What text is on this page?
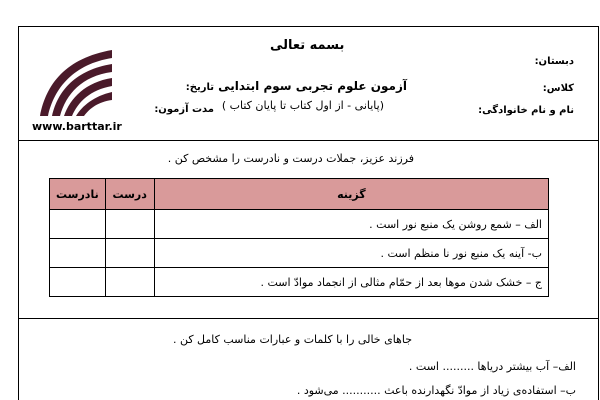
بسمه تعالی
دبستان:
کلاس:
نام و نام خانوادگی:
آزمون علوم تجربی سوم ابتدایی
(پایانی - از اول کتاب تا پایان کتاب )
تاریخ:
مدت آزمون:
www.barttar.ir
فرزند عزیز، جملات درست و نادرست را مشخص کن .
گزینه	درست	نادرست
الف – شمع روشن یک منبع نور است .		
ب- آینه یک منبع نور نا منظم است .		
ج – خشک شدن موها بعد از حمّام مثالی از انجماد موادّ است .		
جاهای خالی را با کلمات و عبارات مناسب کامل کن .
الف– آب بیشتر دریاها ......... است .
ب– استفاده‌ی زیاد از موادّ نگهدارنده باعث ........... می‌شود .
